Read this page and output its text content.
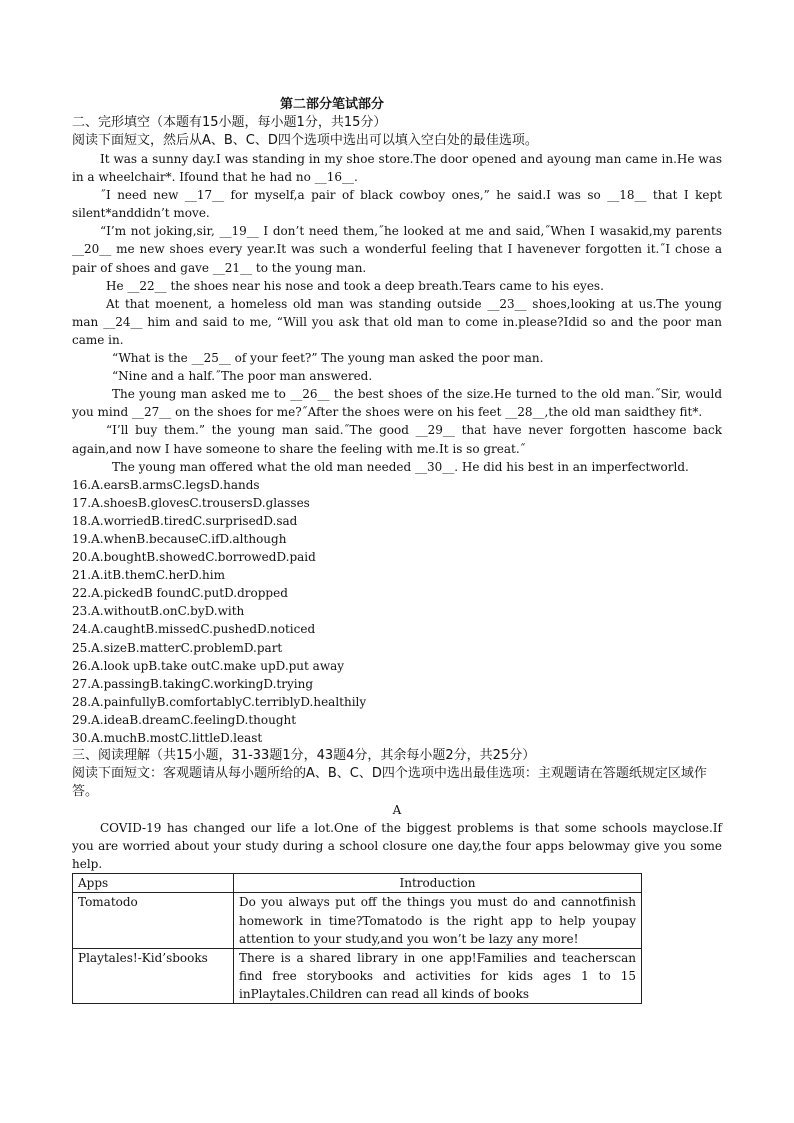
第二部分笔试部分

二、完形填空（本题有15小题，每小题1分，共15分）

阅读下面短文，然后从A、B、C、D四个选项中选出可以填入空白处的最佳选项。

It was a sunny day.I was standing in my shoe store.The door opened and ayoung man came in.He was in a wheelchair*. Ifound that he had no __16__.

˝I need new __17__ for myself,a pair of black cowboy ones,” he said.I was so __18__ that I kept silent*anddidn’t move.

“I’m not joking,sir, __19__ I don’t need them,˝he looked at me and said,˝When I wasakid,my parents __20__ me new shoes every year.It was such a wonderful feeling that I havenever forgotten it.˝I chose a pair of shoes and gave __21__ to the young man.

He __22__ the shoes near his nose and took a deep breath.Tears came to his eyes.

At that moenent, a homeless old man was standing outside __23__ shoes,looking at us.The young man __24__ him and said to me, “Will you ask that old man to come in.please?Idid so and the poor man came in.

“What is the __25__ of your feet?” The young man asked the poor man.

“Nine and a half.˝The poor man answered.

The young man asked me to __26__ the best shoes of the size.He turned to the old man.˝Sir, would you mind __27__ on the shoes for me?˝After the shoes were on his feet __28__,the old man saidthey fit*.

“I’ll buy them.” the young man said.˝The good __29__ that have never forgotten hascome back again,and now I have someone to share the feeling with me.It is so great.˝

The young man offered what the old man needed __30__. He did his best in an imperfectworld.

16.A.earsB.armsC.legsD.hands

17.A.shoesB.glovesC.trousersD.glasses

18.A.worriedB.tiredC.surprisedD.sad

19.A.whenB.becauseC.ifD.although

20.A.boughtB.showedC.borrowedD.paid

21.A.itB.themC.herD.him

22.A.pickedB foundC.putD.dropped

23.A.withoutB.onC.byD.with

24.A.caughtB.missedC.pushedD.noticed

25.A.sizeB.matterC.problemD.part

26.A.look upB.take outC.make upD.put away

27.A.passingB.takingC.workingD.trying

28.A.painfullyB.comfortablyC.terriblyD.healthily

29.A.ideaB.dreamC.feelingD.thought

30.A.muchB.mostC.littleD.least

三、阅读理解（共15小题，31-33题1分，43题4分，其余每小题2分，共25分）

阅读下面短文：客观题请从每小题所给的A、B、C、D四个选项中选出最佳选项：主观题请在答题纸规定区域作答。

A

COVID-19 has changed our life a lot.One of the biggest problems is that some schools mayclose.If you are worried about your study during a school closure one day,the four apps belowmay give you some help.

Apps	Introduction
Tomatodo	Do you always put off the things you must do and cannotfinish homework in time?Tomatodo is the right app to help youpay attention to your study,and you won’t be lazy any more!
Playtales!-Kid’sbooks	There is a shared library in one app!Families and teacherscan find free storybooks and activities for kids ages 1 to 15 inPlaytales.Children can read all kinds of books
